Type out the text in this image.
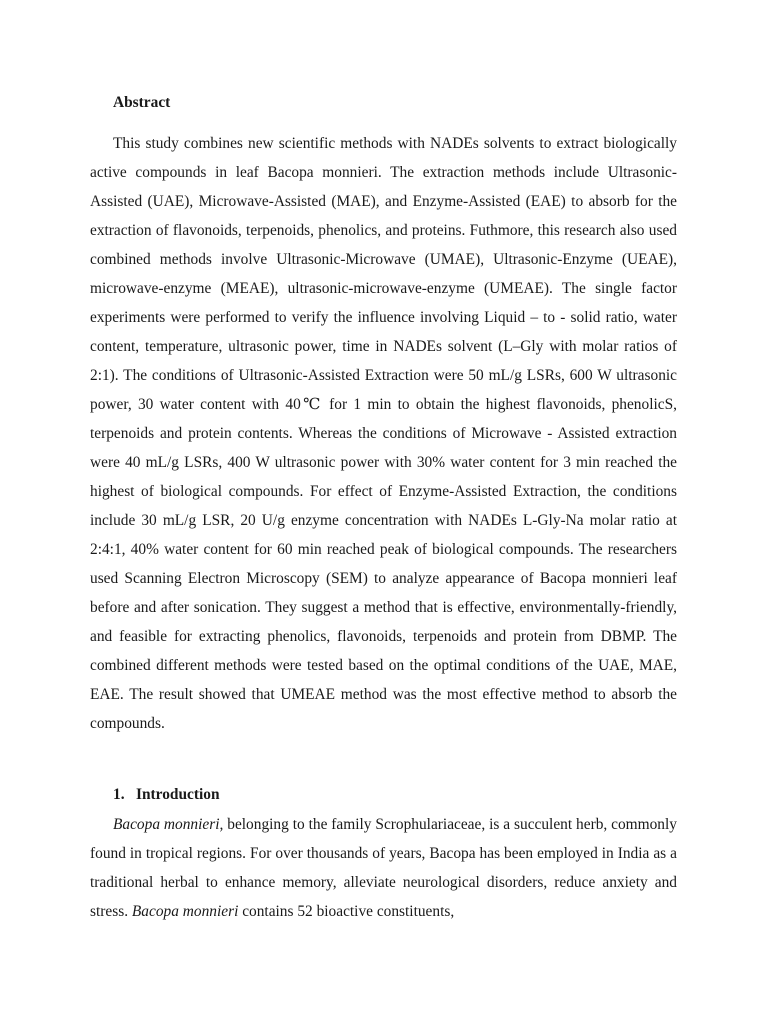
Abstract

This study combines new scientific methods with NADEs solvents to extract biologically active compounds in leaf Bacopa monnieri. The extraction methods include Ultrasonic-Assisted (UAE), Microwave-Assisted (MAE), and Enzyme-Assisted (EAE) to absorb for the extraction of flavonoids, terpenoids, phenolics, and proteins. Futhmore, this research also used combined methods involve Ultrasonic-Microwave (UMAE), Ultrasonic-Enzyme (UEAE), microwave-enzyme (MEAE), ultrasonic-microwave-enzyme (UMEAE). The single factor experiments were performed to verify the influence involving Liquid – to - solid ratio, water content, temperature, ultrasonic power, time in NADEs solvent (L–Gly with molar ratios of 2:1). The conditions of Ultrasonic-Assisted Extraction were 50 mL/g LSRs, 600 W ultrasonic power, 30 water content with 40℃ for 1 min to obtain the highest flavonoids, phenolicS, terpenoids and protein contents. Whereas the conditions of Microwave - Assisted extraction were 40 mL/g LSRs, 400 W ultrasonic power with 30% water content for 3 min reached the highest of biological compounds. For effect of Enzyme-Assisted Extraction, the conditions include 30 mL/g LSR, 20 U/g enzyme concentration with NADEs L-Gly-Na molar ratio at 2:4:1, 40% water content for 60 min reached peak of biological compounds. The researchers used Scanning Electron Microscopy (SEM) to analyze appearance of Bacopa monnieri leaf before and after sonication. They suggest a method that is effective, environmentally-friendly, and feasible for extracting phenolics, flavonoids, terpenoids and protein from DBMP. The combined different methods were tested based on the optimal conditions of the UAE, MAE, EAE. The result showed that UMEAE method was the most effective method to absorb the compounds.

1. Introduction

Bacopa monnieri, belonging to the family Scrophulariaceae, is a succulent herb, commonly found in tropical regions. For over thousands of years, Bacopa has been employed in India as a traditional herbal to enhance memory, alleviate neurological disorders, reduce anxiety and stress. Bacopa monnieri contains 52 bioactive constituents,
